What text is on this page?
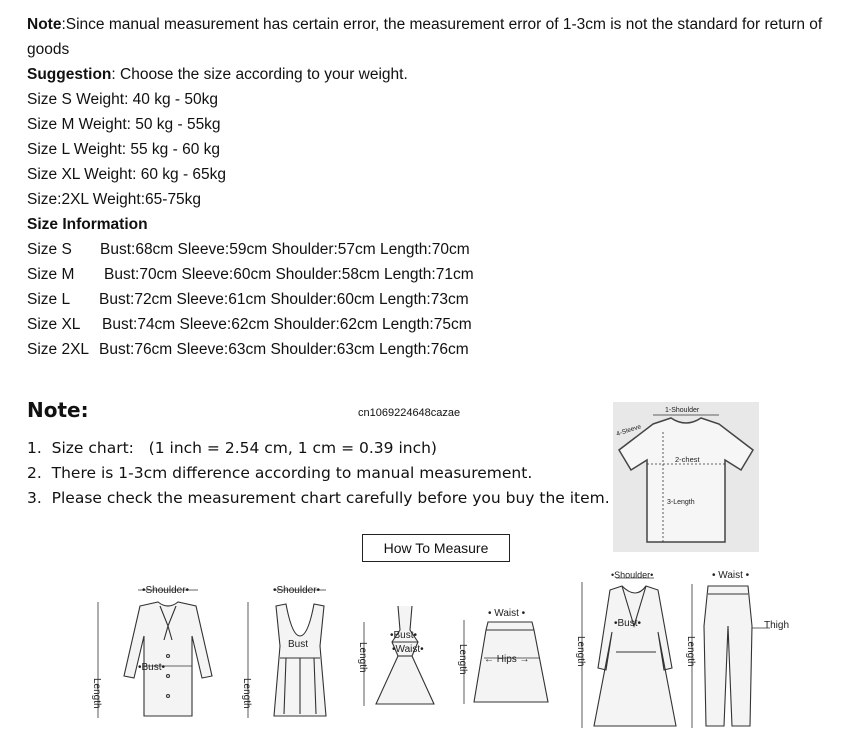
Note:Since manual measurement has certain error, the measurement error of 1-3cm is not the standard for return of goods
Suggestion: Choose the size according to your weight.
Size S Weight: 40 kg - 50kg
Size M Weight: 50 kg - 55kg
Size L Weight: 55 kg - 60 kg
Size XL Weight: 60 kg - 65kg
Size:2XL Weight:65-75kg
Size Information
Size S Bust:68cm Sleeve:59cm Shoulder:57cm Length:70cm
Size M Bust:70cm Sleeve:60cm Shoulder:58cm Length:71cm
Size L Bust:72cm Sleeve:61cm Shoulder:60cm Length:73cm
Size XL Bust:74cm Sleeve:62cm Shoulder:62cm Length:75cm
Size 2XL Bust:76cm Sleeve:63cm Shoulder:63cm Length:76cm
Note:	cn1069224648cazae
1.  Size chart:   (1 inch = 2.54 cm, 1 cm = 0.39 inch)
2.  There is 1-3cm difference according to manual measurement.
3.  Please check the measurement chart carefully before you buy the item.
1-Shoulder
4-Sleeve
2-chest
3-Length
How To Measure
•Shoulder•
•Bust•
Length
•Shoulder•
Bust
Length
•Bust•
•Waist•
Length
• Waist •
← Hips →
Length
•Shoulder•
•Bust•
Length
• Waist •
Thigh
Length
